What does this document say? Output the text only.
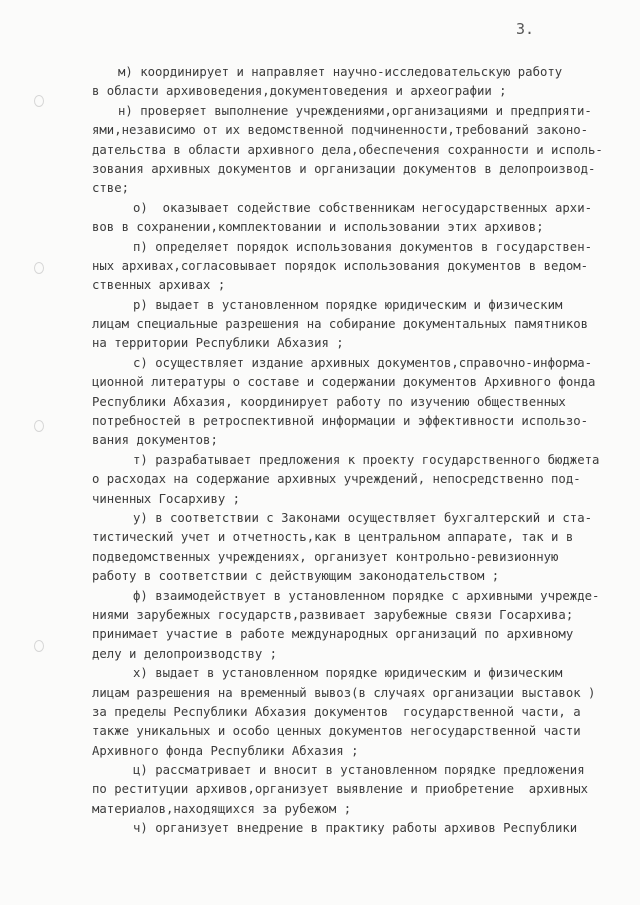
3.
м) координирует и направляет научно-исследовательскую работу
в области архивоведения,документоведения и археографии ;
н) проверяет выполнение учреждениями,организациями и предприяти-
ями,независимо от их ведомственной подчиненности,требований законо-
дательства в области архивного дела,обеспечения сохранности и исполь-
зования архивных документов и организации документов в делопроизвод-
стве;
о)  оказывает содействие собственникам негосударственных архи-
вов в сохранении,комплектовании и использовании этих архивов;
п) определяет порядок использования документов в государствен-
ных архивах,согласовывает порядок использования документов в ведом-
ственных архивах ;
р) выдает в установленном порядке юридическим и физическим
лицам специальные разрешения на собирание документальных памятников
на территории Республики Абхазия ;
с) осуществляет издание архивных документов,справочно-информа-
ционной литературы о составе и содержании документов Архивного фонда
Республики Абхазия, координирует работу по изучению общественных
потребностей в ретроспективной информации и эффективности использо-
вания документов;
т) разрабатывает предложения к проекту государственного бюджета
о расходах на содержание архивных учреждений, непосредственно под-
чиненных Госархиву ;
у) в соответствии с Законами осуществляет бухгалтерский и ста-
тистический учет и отчетность,как в центральном аппарате, так и в
подведомственных учреждениях, организует контрольно-ревизионную
работу в соответствии с действующим законодательством ;
ф) взаимодействует в установленном порядке с архивными учрежде-
ниями зарубежных государств,развивает зарубежные связи Госархива;
принимает участие в работе международных организаций по архивному
делу и делопроизводству ;
х) выдает в установленном порядке юридическим и физическим
лицам разрешения на временный вывоз(в случаях организации выставок )
за пределы Республики Абхазия документов  государственной части, а
также уникальных и особо ценных документов негосударственной части
Архивного фонда Республики Абхазия ;
ц) рассматривает и вносит в установленном порядке предложения
по реституции архивов,организует выявление и приобретение  архивных
материалов,находящихся за рубежом ;
ч) организует внедрение в практику работы архивов Республики
